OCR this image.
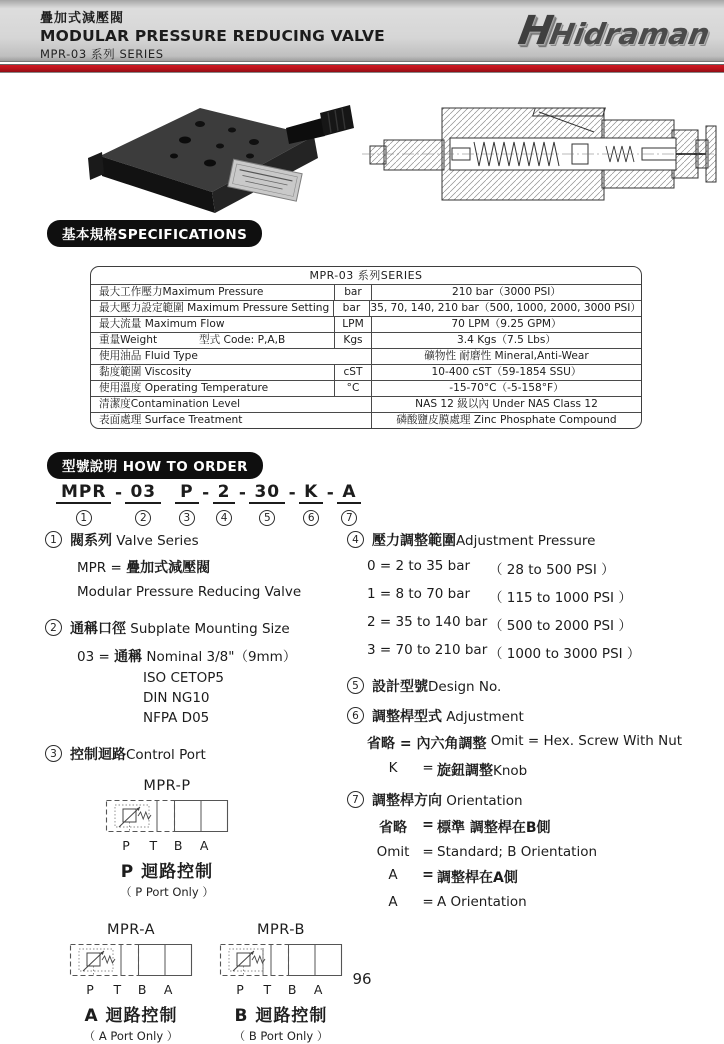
疊加式減壓閥
MODULAR PRESSURE REDUCING VALVE
MPR-03 系列 SERIES	HHidraman
基本規格SPECIFICATIONS
MPR-03 系列SERIES
最大工作壓力Maximum Pressure	bar	210 bar（3000 PSI）
最大壓力設定範圍 Maximum Pressure Setting	bar 35, 70, 140, 210 bar（500, 1000, 2000, 3000 PSI）
最大流量 Maximum Flow	LPM	70 LPM（9.25 GPM）
重量Weight	型式 Code: P,A,B	Kgs	3.4 Kgs（7.5 Lbs）
使用油品 Fluid Type	礦物性 耐磨性 Mineral,Anti-Wear
黏度範圍 Viscosity	cST	10-400 cST（59-1854 SSU）
使用溫度 Operating Temperature	°C	-15-70°C（-5-158°F）
清潔度Contamination Level	NAS 12 級以內 Under NAS Class 12
表面處理 Surface Treatment	磷酸鹽皮膜處理 Zinc Phosphate Compound
型號說明 HOW TO ORDER
MPR
1
- 03
2
P
3
- 2
4
- 30
5
- K
6
- A
7
1 閥系列 Valve Series
MPR = 疊加式減壓閥
Modular Pressure Reducing Valve
2 通稱口徑 Subplate Mounting Size
03 = 通稱 Nominal 3/8"（9mm）
ISO CETOP5
DIN NG10
NFPA D05
3 控制迴路Control Port
MPR-P
P T B A
P 迴路控制
（ P Port Only ）
MPR-A
P T B A
A 迴路控制
（ A Port Only ）
MPR-B
P T B A
B 迴路控制
（ B Port Only ）
4 壓力調整範圍Adjustment Pressure
0 = 2 to 35 bar	（ 28 to 500 PSI ）
1 = 8 to 70 bar	（ 115 to 1000 PSI ）
2 = 35 to 140 bar （ 500 to 2000 PSI ）
3 = 70 to 210 bar （ 1000 to 3000 PSI ）
5 設計型號Design No.
6 調整桿型式 Adjustment
省略 = 內六角調整
Omit = Hex. Screw With Nut
K	= 旋鈕調整Knob
7 調整桿方向 Orientation
省略	= 標準 調整桿在B側
Omit = Standard; B Orientation
A	= 調整桿在A側
A	= A Orientation
96
